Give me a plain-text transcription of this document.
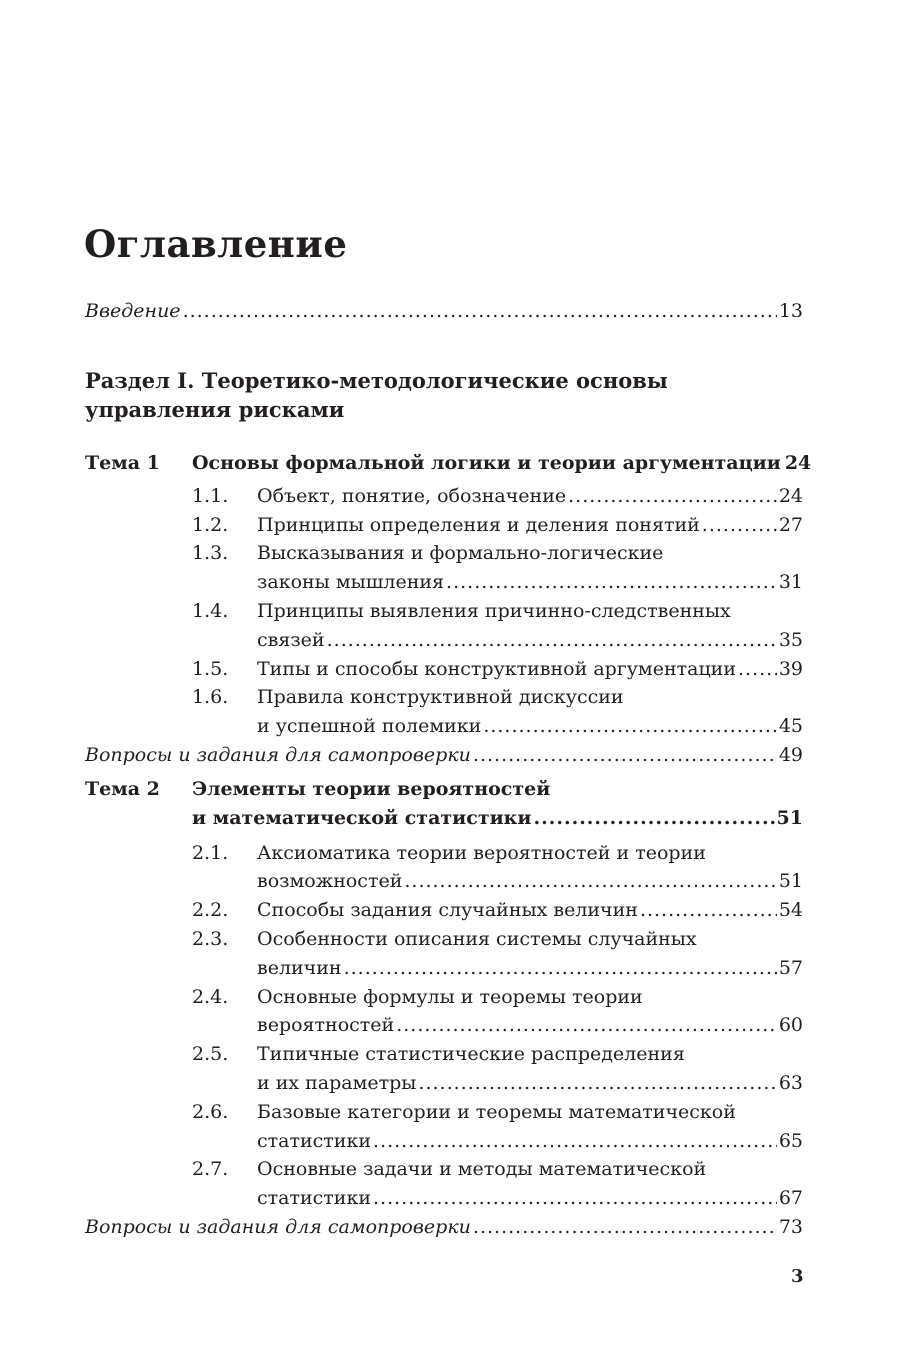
Оглавление
Введение .....	13
Раздел I. Теоретико-методологические основы
управления рисками
Тема 1 Основы формальной логики и теории аргументации 24
1.1. Объект, понятие, обозначение .....	24
1.2. Принципы определения и деления понятий .....	27
1.3. Высказывания и формально-логические
законы мышления .....	31
1.4. Принципы выявления причинно-следственных
связей .....	35
1.5. Типы и способы конструктивной аргументации ..... 39
1.6. Правила конструктивной дискуссии
и успешной полемики .....	45
Вопросы и задания для самопроверки .....	49
Тема 2 Элементы теории вероятностей
и математической статистики .....	51
2.1. Аксиоматика теории вероятностей и теории
возможностей .....	51
2.2. Способы задания случайных величин .....	54
2.3. Особенности описания системы случайных
величин .....	57
2.4. Основные формулы и теоремы теории
вероятностей .....	60
2.5. Типичные статистические распределения
и их параметры .....	63
2.6. Базовые категории и теоремы математической
статистики .....	65
2.7. Основные задачи и методы математической
статистики .....	67
Вопросы и задания для самопроверки .....	73
3
